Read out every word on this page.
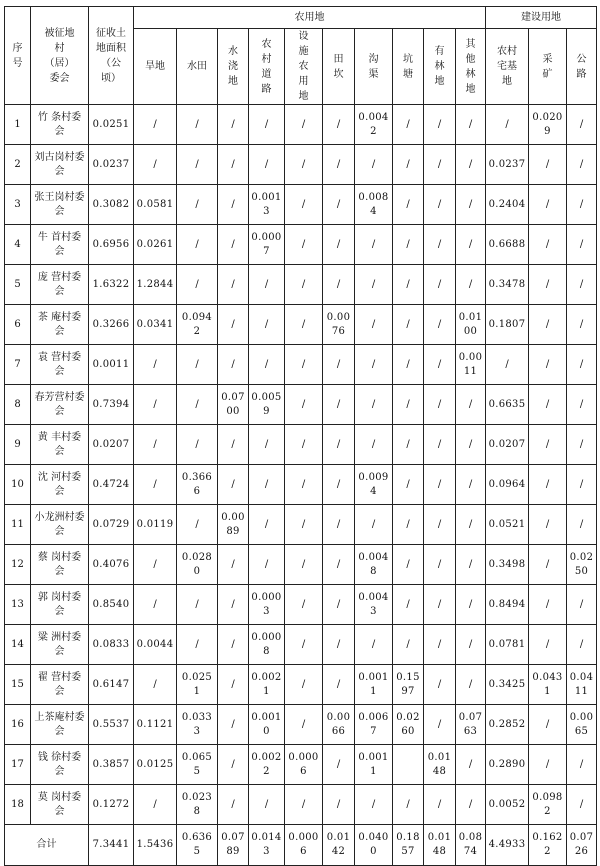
序号	被征地村（居）委会	征收土地面积（公顷）	农用地										建设用地		

			旱地	水田	水浇地	农村道路	设施农用地	田坎	沟渠	坑塘	有林地	其他林地	农村宅基地	采矿	公路

1	竹 条村委会	0.0251	/	/	/	/	/	/	0.0042	/	/	/	/	0.0209	/
2	刘古岗村委会	0.0237	/	/	/	/	/	/	/	/	/	/	0.0237	/	/
3	张王岗村委会	0.3082	0.0581	/	/	0.0013	/	/	0.0084	/	/	/	0.2404	/	/
4	牛 首村委会	0.6956	0.0261	/	/	0.0007	/	/	/	/	/	/	0.6688	/	/
5	庞 营村委会	1.6322	1.2844	/	/	/	/	/	/	/	/	/	0.3478	/	/
6	茶 庵村委会	0.3266	0.0341	0.0942	/	/	/	0.0076	/	/	/	0.0100	0.1807	/	/
7	袁 营村委会	0.0011	/	/	/	/	/	/	/	/	/	0.0011	/	/	/
8	春芳营村委会	0.7394	/	/	0.0700	0.0059	/	/	/	/	/	/	0.6635	/	/
9	黄 丰村委会	0.0207	/	/	/	/	/	/	/	/	/	/	0.0207	/	/
10	沈 河村委会	0.4724	/	0.3666	/	/	/	/	0.0094	/	/	/	0.0964	/	/
11	小龙洲村委会	0.0729	0.0119	/	0.0089	/	/	/	/	/	/	/	0.0521	/	/
12	蔡 岗村委会	0.4076	/	0.0280	/	/	/	/	0.0048	/	/	/	0.3498	/	0.0250
13	郭 岗村委会	0.8540	/	/	/	0.0003	/	/	0.0043	/	/	/	0.8494	/	/
14	粱 洲村委会	0.0833	0.0044	/	/	0.0008	/	/	/	/	/	/	0.0781	/	/
15	翟 营村委会	0.6147	/	0.0251	/	0.0021	/	/	0.0011	0.1597	/	/	0.3425	0.0431	0.0411
16	上茶庵村委会	0.5537	0.1121	0.0333	/	0.0010	/	0.0066	0.0067	0.0260	/	0.0763	0.2852	/	0.0065
17	钱 徐村委会	0.3857	0.0125	0.0655	/	0.0022	0.0006	/	0.0011		0.0148	/	0.2890	/	/
18	莫 岗村委会	0.1272	/	0.0238	/	/	/	/	/	/	/	/	0.0052	0.0982	/
合计		7.3441	1.5436	0.6365	0.0789	0.0143	0.0006	0.0142	0.0400	0.1857	0.0148	0.0874	4.4933	0.1622	0.0726
